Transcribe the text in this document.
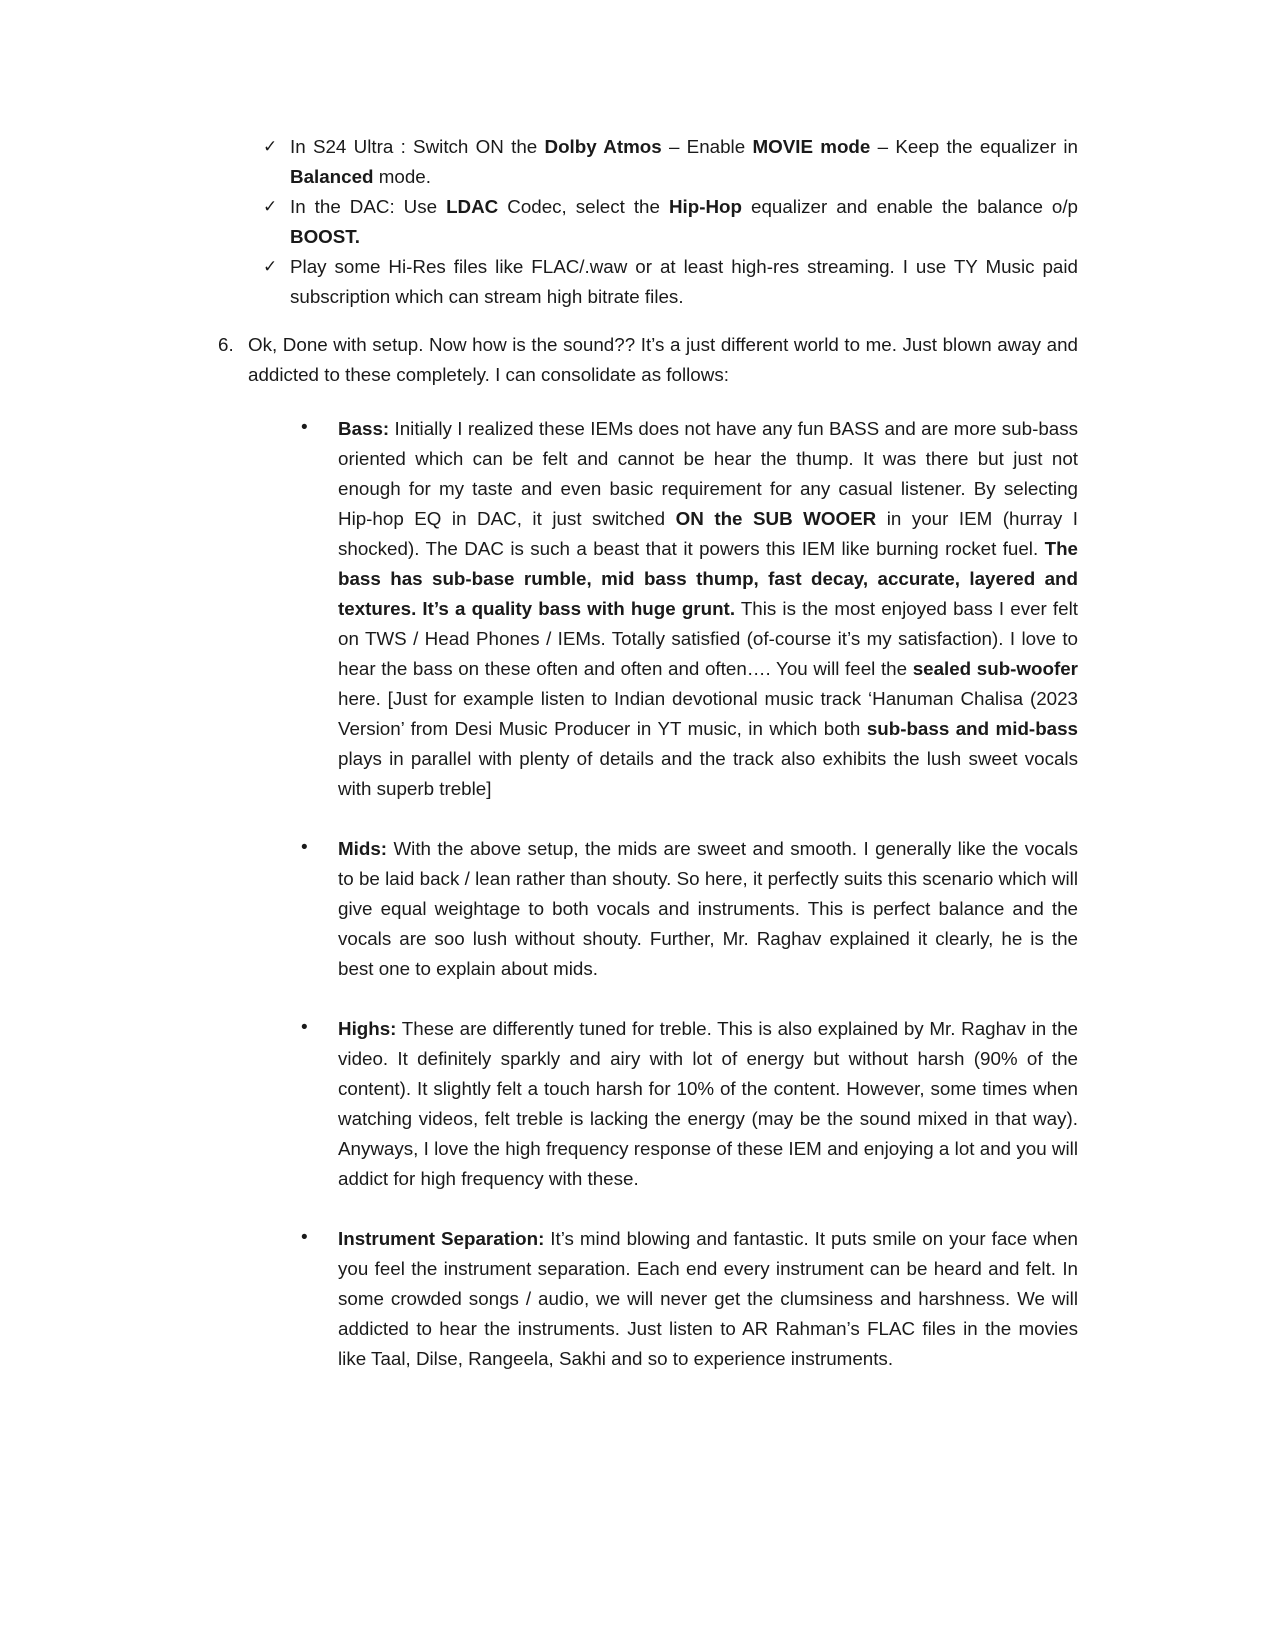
✓ In S24 Ultra : Switch ON the Dolby Atmos – Enable MOVIE mode – Keep the equalizer in Balanced mode.
✓ In the DAC: Use LDAC Codec, select the Hip-Hop equalizer and enable the balance o/p BOOST.
✓ Play some Hi-Res files like FLAC/.waw or at least high-res streaming. I use TY Music paid subscription which can stream high bitrate files.
6. Ok, Done with setup. Now how is the sound?? It’s a just different world to me. Just blown away and addicted to these completely. I can consolidate as follows:
• Bass: Initially I realized these IEMs does not have any fun BASS and are more sub-bass oriented which can be felt and cannot be hear the thump. It was there but just not enough for my taste and even basic requirement for any casual listener. By selecting Hip-hop EQ in DAC, it just switched ON the SUB WOOER in your IEM (hurray I shocked). The DAC is such a beast that it powers this IEM like burning rocket fuel. The bass has sub-base rumble, mid bass thump, fast decay, accurate, layered and textures. It’s a quality bass with huge grunt. This is the most enjoyed bass I ever felt on TWS / Head Phones / IEMs. Totally satisfied (of-course it’s my satisfaction). I love to hear the bass on these often and often and often…. You will feel the sealed sub-woofer here. [Just for example listen to Indian devotional music track ‘Hanuman Chalisa (2023 Version’ from Desi Music Producer in YT music, in which both sub-bass and mid-bass plays in parallel with plenty of details and the track also exhibits the lush sweet vocals with superb treble]
• Mids: With the above setup, the mids are sweet and smooth. I generally like the vocals to be laid back / lean rather than shouty. So here, it perfectly suits this scenario which will give equal weightage to both vocals and instruments. This is perfect balance and the vocals are soo lush without shouty. Further, Mr. Raghav explained it clearly, he is the best one to explain about mids.
• Highs: These are differently tuned for treble. This is also explained by Mr. Raghav in the video. It definitely sparkly and airy with lot of energy but without harsh (90% of the content). It slightly felt a touch harsh for 10% of the content. However, some times when watching videos, felt treble is lacking the energy (may be the sound mixed in that way). Anyways, I love the high frequency response of these IEM and enjoying a lot and you will addict for high frequency with these.
• Instrument Separation: It’s mind blowing and fantastic. It puts smile on your face when you feel the instrument separation. Each end every instrument can be heard and felt. In some crowded songs / audio, we will never get the clumsiness and harshness. We will addicted to hear the instruments. Just listen to AR Rahman’s FLAC files in the movies like Taal, Dilse, Rangeela, Sakhi and so to experience instruments.
